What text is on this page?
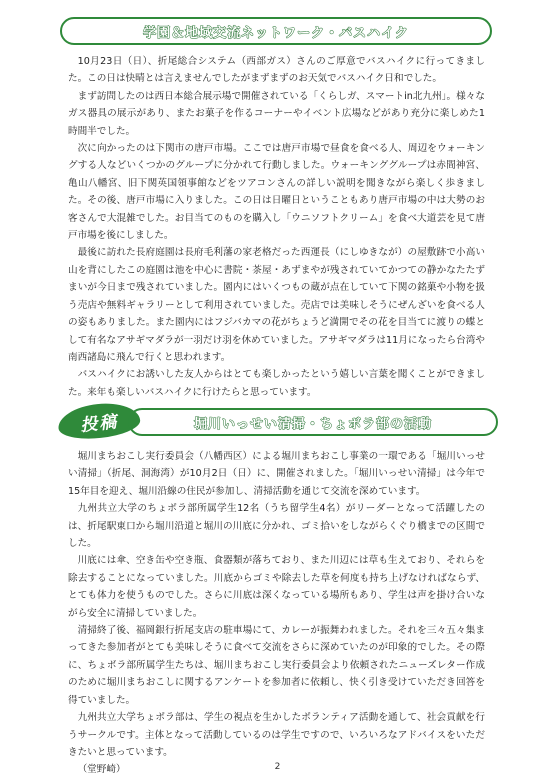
学園＆地域交流ネットワーク・バスハイク

10月23日（日）、折尾総合システム（西部ガス）さんのご厚意でバスハイクに行ってきました。この日は快晴とは言えませんでしたがまずまずのお天気でバスハイク日和でした。

まず訪問したのは西日本総合展示場で開催されている「くらしガ、スマートin北九州」。様々なガス器具の展示があり、またお菓子を作るコーナーやイベント広場などがあり充分に楽しめた1時間半でした。

次に向かったのは下関市の唐戸市場。ここでは唐戸市場で昼食を食べる人、周辺をウォーキングする人などいくつかのグループに分かれて行動しました。ウォーキンググループは赤間神宮、亀山八幡宮、旧下関英国領事館などをツアコンさんの詳しい説明を聞きながら楽しく歩きました。その後、唐戸市場に入りました。この日は日曜日ということもあり唐戸市場の中は大勢のお客さんで大混雑でした。お目当てのものを購入し「ウニソフトクリーム」を食べ大道芸を見て唐戸市場を後にしました。

最後に訪れた長府庭園は長府毛利藩の家老格だった西運長（にしゆきなが）の屋敷跡で小高い山を背にしたこの庭園は池を中心に書院・茶屋・あずまやが残されていてかつての静かなたたずまいが今日まで残されていました。園内にはいくつもの蔵が点在していて下関の銘菓や小物を扱う売店や無料ギャラリーとして利用されていました。売店では美味しそうにぜんざいを食べる人の姿もありました。また園内にはフジバカマの花がちょうど満開でその花を目当てに渡りの蝶として有名なアサギマダラが一羽だけ羽を休めていました。アサギマダラは11月になったら台湾や南西諸島に飛んで行くと思われます。

バスハイクにお誘いした友人からはとても楽しかったという嬉しい言葉を聞くことができました。来年も楽しいバスハイクに行けたらと思っています。

投稿	堀川いっせい清掃・ちょボラ部の活動

堀川まちおこし実行委員会（八幡西区）による堀川まちおこし事業の一環である「堀川いっせい清掃」（折尾、洞海湾）が10月2日（日）に、開催されました。「堀川いっせい清掃」は今年で15年目を迎え、堀川沿線の住民が参加し、清掃活動を通じて交流を深めています。

九州共立大学のちょボラ部所属学生12名（うち留学生4名）がリーダーとなって活躍したのは、折尾駅東口から堀川沿道と堀川の川底に分かれ、ゴミ拾いをしながらくぐり橋までの区間でした。

川底には傘、空き缶や空き瓶、食器類が落ちており、また川辺には草も生えており、それらを除去することになっていました。川底からゴミや除去した草を何度も持ち上げなければならず、とても体力を使うものでした。さらに川底は深くなっている場所もあり、学生は声を掛け合いながら安全に清掃していました。

清掃終了後、福岡銀行折尾支店の駐車場にて、カレーが振舞われました。それを三々五々集まってきた参加者がとても美味しそうに食べて交流をさらに深めていたのが印象的でした。その際に、ちょボラ部所属学生たちは、堀川まちおこし実行委員会より依頼されたニューズレター作成のために堀川まちおこしに関するアンケートを参加者に依頼し、快く引き受けていただき回答を得ていました。

九州共立大学ちょボラ部は、学生の視点を生かしたボランティア活動を通して、社会貢献を行うサークルです。主体となって活動しているのは学生ですので、いろいろなアドバイスをいただきたいと思っています。

（堂野崎）	2
